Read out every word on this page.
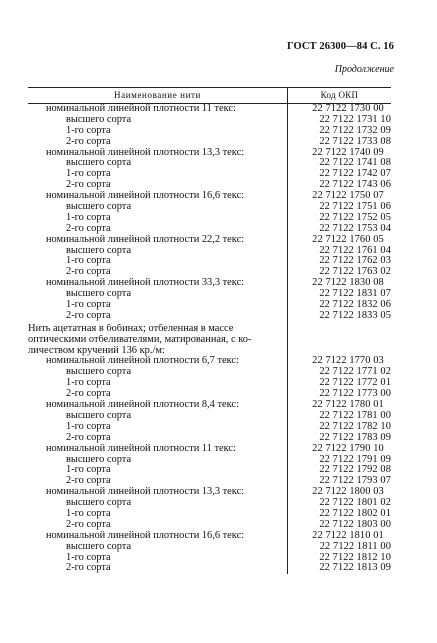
ГОСТ 26300—84 С. 16
Продолжение
Наименование нити	Код ОКП
номинальной линейной плотности 11 текс:	22 7122 1730 00
высшего сорта	22 7122 1731 10
1-го сорта	22 7122 1732 09
2-го сорта	22 7122 1733 08
номинальной линейной плотности 13,3 текс:	22 7122 1740 09
высшего сорта	22 7122 1741 08
1-го сорта	22 7122 1742 07
2-го сорта	22 7122 1743 06
номинальной линейной плотности 16,6 текс:	22 7122 1750 07
высшего сорта	22 7122 1751 06
1-го сорта	22 7122 1752 05
2-го сорта	22 7122 1753 04
номинальной линейной плотности 22,2 текс:	22 7122 1760 05
высшего сорта	22 7122 1761 04
1-го сорта	22 7122 1762 03
2-го сорта	22 7122 1763 02
номинальной линейной плотности 33,3 текс:	22 7122 1830 08
высшего сорта	22 7122 1831 07
1-го сорта	22 7122 1832 06
2-го сорта	22 7122 1833 05
Нить ацетатная в бобинах; отбеленная в массе
оптическими отбеливателями, матированная, с ко-
личеством кручений 136 кр./м:
номинальной линейной плотности 6,7 текс:	22 7122 1770 03
высшего сорта	22 7122 1771 02
1-го сорта	22 7122 1772 01
2-го сорта	22 7122 1773 00
номинальной линейной плотности 8,4 текс:	22 7122 1780 01
высшего сорта	22 7122 1781 00
1-го сорта	22 7122 1782 10
2-го сорта	22 7122 1783 09
номинальной линейной плотности 11 текс:	22 7122 1790 10
высшего сорта	22 7122 1791 09
1-го сорта	22 7122 1792 08
2-го сорта	22 7122 1793 07
номинальной линейной плотности 13,3 текс:	22 7122 1800 03
высшего сорта	22 7122 1801 02
1-го сорта	22 7122 1802 01
2-го сорта	22 7122 1803 00
номинальной линейной плотности 16,6 текс:	22 7122 1810 01
высшего сорта	22 7122 1811 00
1-го сорта	22 7122 1812 10
2-го сорта	22 7122 1813 09
